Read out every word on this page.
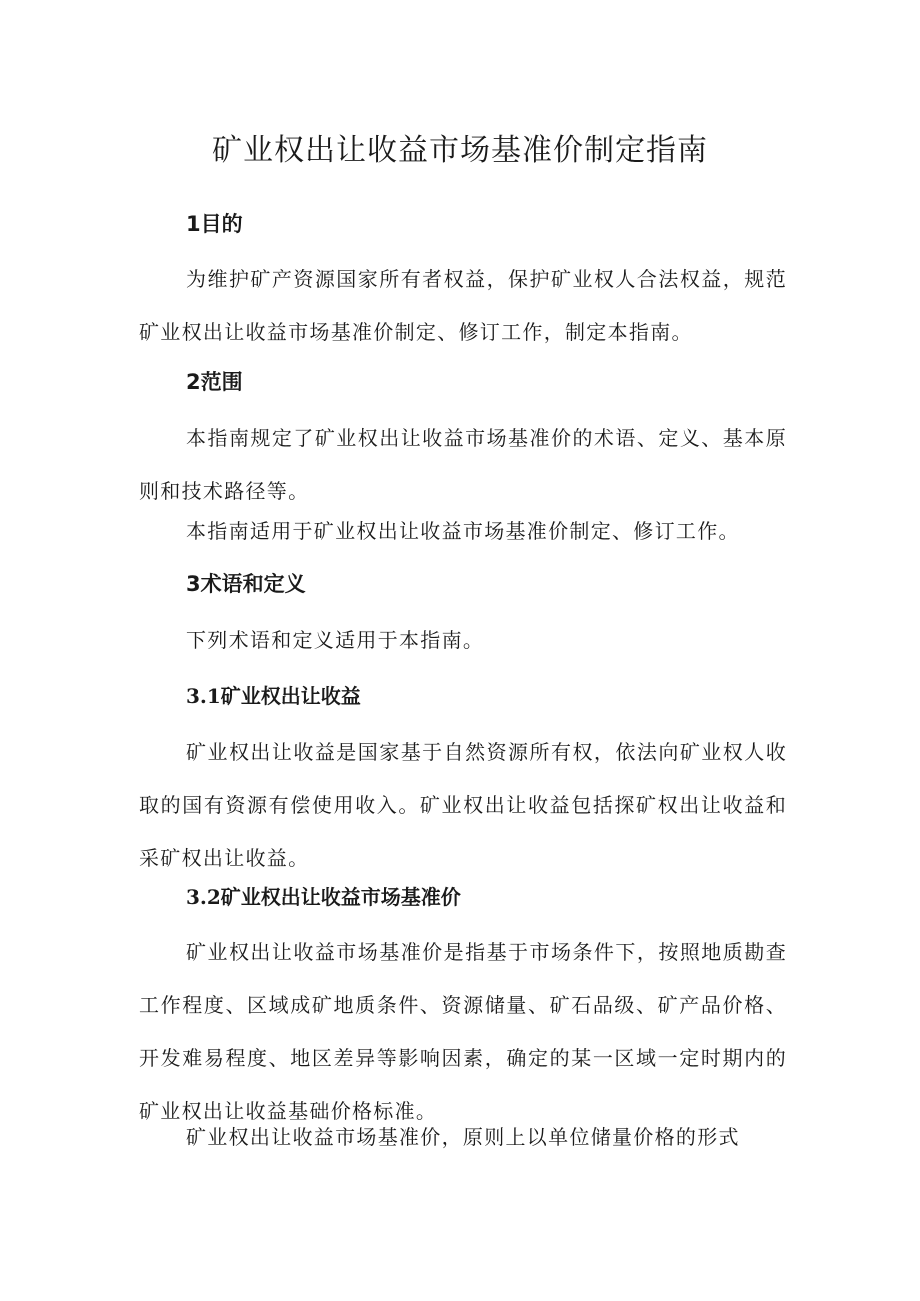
矿业权出让收益市场基准价制定指南
1目的

为维护矿产资源国家所有者权益，保护矿业权人合法权益，规范矿业权出让收益市场基准价制定、修订工作，制定本指南。

2范围

本指南规定了矿业权出让收益市场基准价的术语、定义、基本原则和技术路径等。

本指南适用于矿业权出让收益市场基准价制定、修订工作。

3术语和定义

下列术语和定义适用于本指南。

3.1矿业权出让收益

矿业权出让收益是国家基于自然资源所有权，依法向矿业权人收取的国有资源有偿使用收入。矿业权出让收益包括探矿权出让收益和采矿权出让收益。

3.2矿业权出让收益市场基准价

矿业权出让收益市场基准价是指基于市场条件下，按照地质勘查工作程度、区域成矿地质条件、资源储量、矿石品级、矿产品价格、开发难易程度、地区差异等影响因素，确定的某一区域一定时期内的矿业权出让收益基础价格标准。

矿业权出让收益市场基准价，原则上以单位储量价格的形式
